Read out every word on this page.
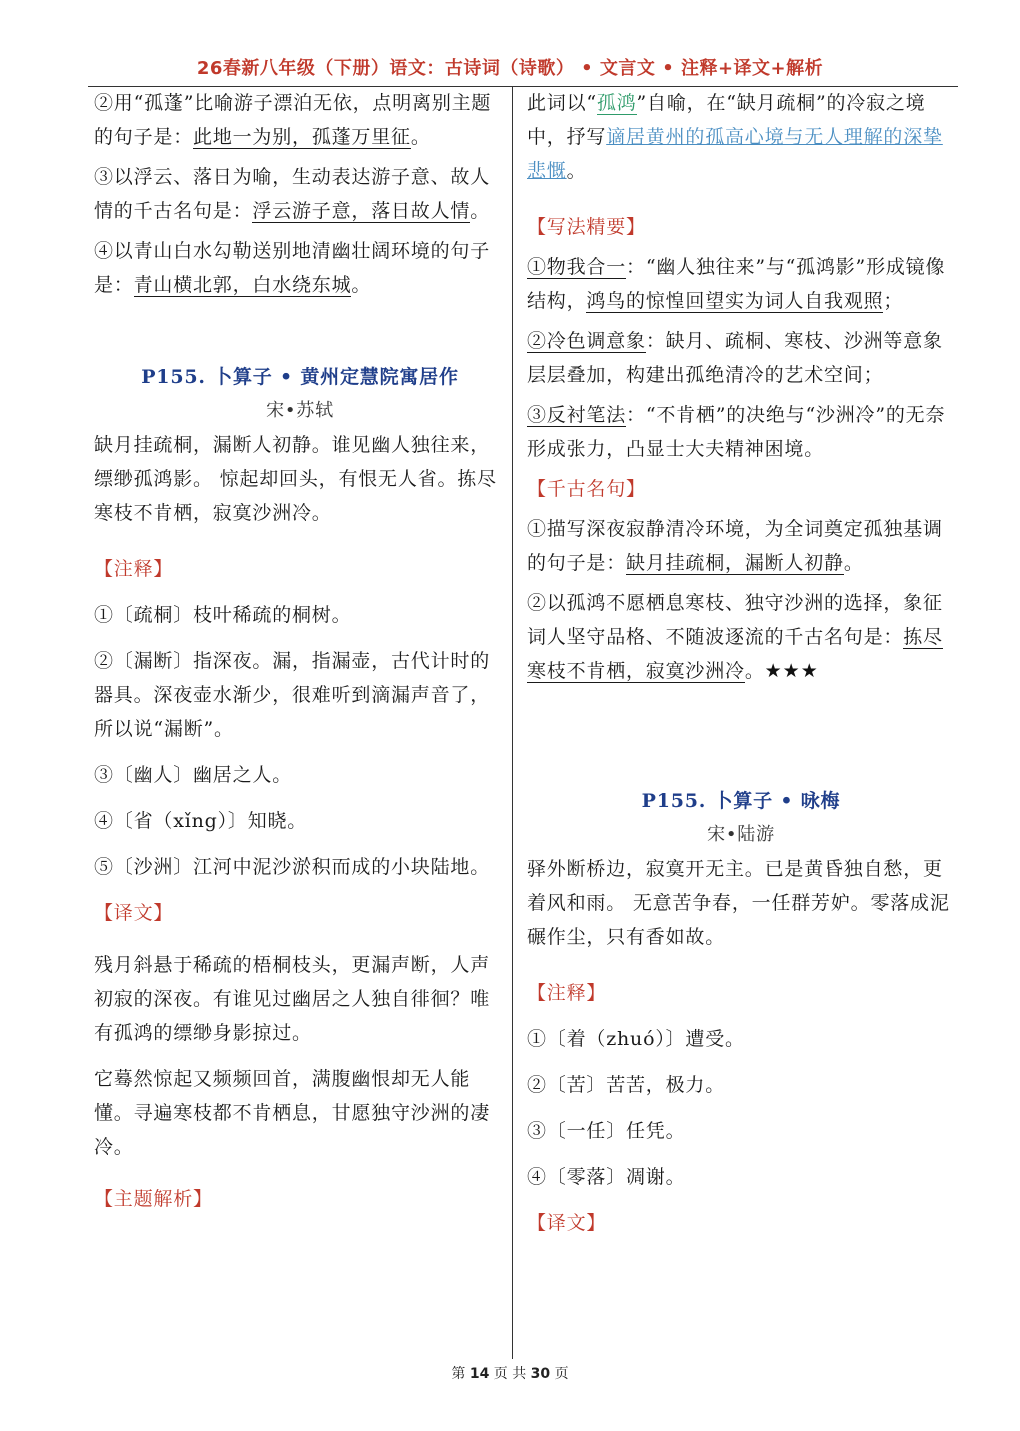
26春新八年级（下册）语文：古诗词（诗歌） • 文言文 • 注释+译文+解析

②用“孤蓬”比喻游子漂泊无依，点明离别主题的句子是：此地一为别，孤蓬万里征。

③以浮云、落日为喻，生动表达游子意、故人情的千古名句是：浮云游子意，落日故人情。

④以青山白水勾勒送别地清幽壮阔环境的句子是：青山横北郭，白水绕东城。

P155. 卜算子 • 黄州定慧院寓居作

宋•苏轼

缺月挂疏桐，漏断人初静。谁见幽人独往来，缥缈孤鸿影。 惊起却回头，有恨无人省。拣尽寒枝不肯栖，寂寞沙洲冷。

【注释】

①〔疏桐〕枝叶稀疏的桐树。

②〔漏断〕指深夜。漏，指漏壶，古代计时的器具。深夜壶水渐少，很难听到滴漏声音了，所以说“漏断”。

③〔幽人〕幽居之人。

④〔省（xǐng）〕知晓。

⑤〔沙洲〕江河中泥沙淤积而成的小块陆地。

【译文】

残月斜悬于稀疏的梧桐枝头，更漏声断，人声初寂的深夜。有谁见过幽居之人独自徘徊？唯有孤鸿的缥缈身影掠过。

它蓦然惊起又频频回首，满腹幽恨却无人能懂。寻遍寒枝都不肯栖息，甘愿独守沙洲的凄冷。

【主题解析】

此词以“孤鸿”自喻，在“缺月疏桐”的冷寂之境中，抒写谪居黄州的孤高心境与无人理解的深挚悲慨。

【写法精要】

①物我合一：“幽人独往来”与“孤鸿影”形成镜像结构，鸿鸟的惊惶回望实为词人自我观照；

②冷色调意象：缺月、疏桐、寒枝、沙洲等意象层层叠加，构建出孤绝清冷的艺术空间；

③反衬笔法：“不肯栖”的决绝与“沙洲冷”的无奈形成张力，凸显士大夫精神困境。

【千古名句】

①描写深夜寂静清冷环境，为全词奠定孤独基调的句子是：缺月挂疏桐，漏断人初静。

②以孤鸿不愿栖息寒枝、独守沙洲的选择，象征词人坚守品格、不随波逐流的千古名句是：拣尽寒枝不肯栖，寂寞沙洲冷。★★★

P155. 卜算子 • 咏梅

宋•陆游

驿外断桥边，寂寞开无主。已是黄昏独自愁，更着风和雨。 无意苦争春，一任群芳妒。零落成泥碾作尘，只有香如故。

【注释】

①〔着（zhuó）〕遭受。

②〔苦〕苦苦，极力。

③〔一任〕任凭。

④〔零落〕凋谢。

【译文】

第 14 页 共 30 页
